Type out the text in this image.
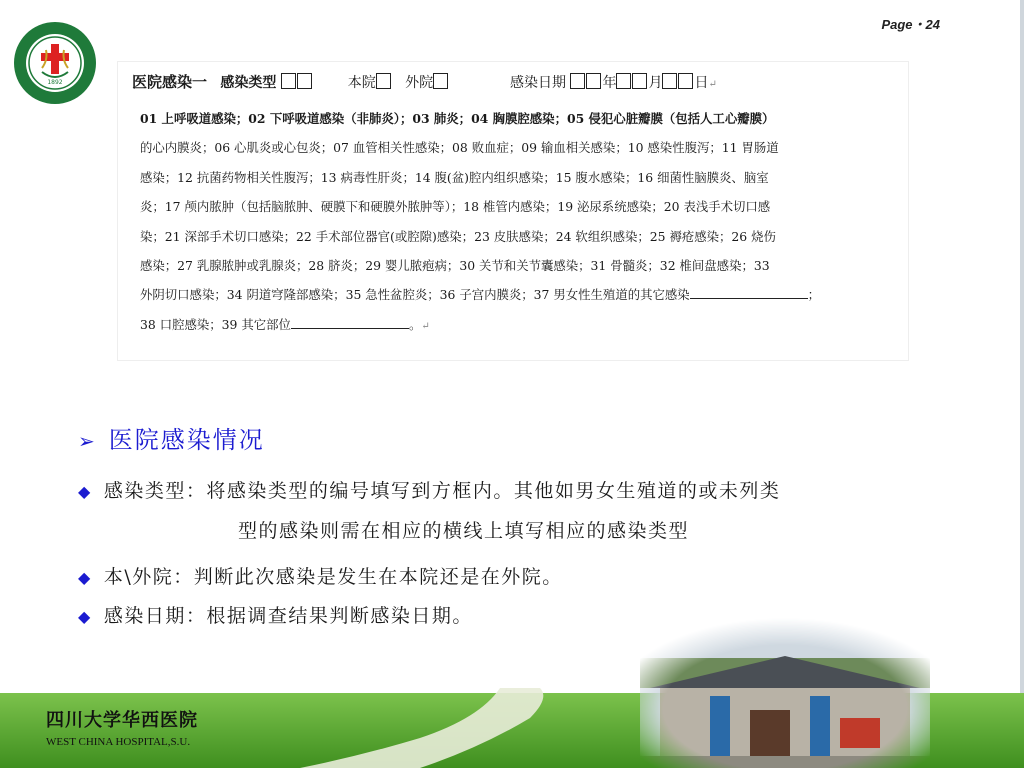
Page・24
1892	医院感染一 感染类型	本院 外院	感染日期	年 月 日↵
01 上呼吸道感染；02 下呼吸道感染（非肺炎）；03 肺炎；04 胸膜腔感染；05 侵犯心脏瓣膜（包括人工心瓣膜）
的心内膜炎；06 心肌炎或心包炎；07 血管相关性感染；08 败血症；09 输血相关感染；10 感染性腹泻；11 胃肠道
感染；12 抗菌药物相关性腹泻；13 病毒性肝炎；14 腹(盆)腔内组织感染；15 腹水感染；16 细菌性脑膜炎、脑室
炎；17 颅内脓肿（包括脑脓肿、硬膜下和硬膜外脓肿等）；18 椎管内感染；19 泌尿系统感染；20 表浅手术切口感
染；21 深部手术切口感染；22 手术部位器官(或腔隙)感染；23 皮肤感染；24 软组织感染；25 褥疮感染；26 烧伤
感染；27 乳腺脓肿或乳腺炎；28 脐炎；29 婴儿脓疱病；30 关节和关节囊感染；31 骨髓炎；32 椎间盘感染；33
外阴切口感染；34 阴道穹隆部感染；35 急性盆腔炎；36 子宫内膜炎；37 男女性生殖道的其它感染	；
38 口腔感染；39 其它部位	。↵
➢ 医院感染情况
◆ 感染类型：将感染类型的编号填写到方框内。其他如男女生殖道的或未列类
型的感染则需在相应的横线上填写相应的感染类型
◆ 本\外院：判断此次感染是发生在本院还是在外院。
◆ 感染日期：根据调查结果判断感染日期。
四川大学华西医院
WEST CHINA HOSPITAL,S.U.
